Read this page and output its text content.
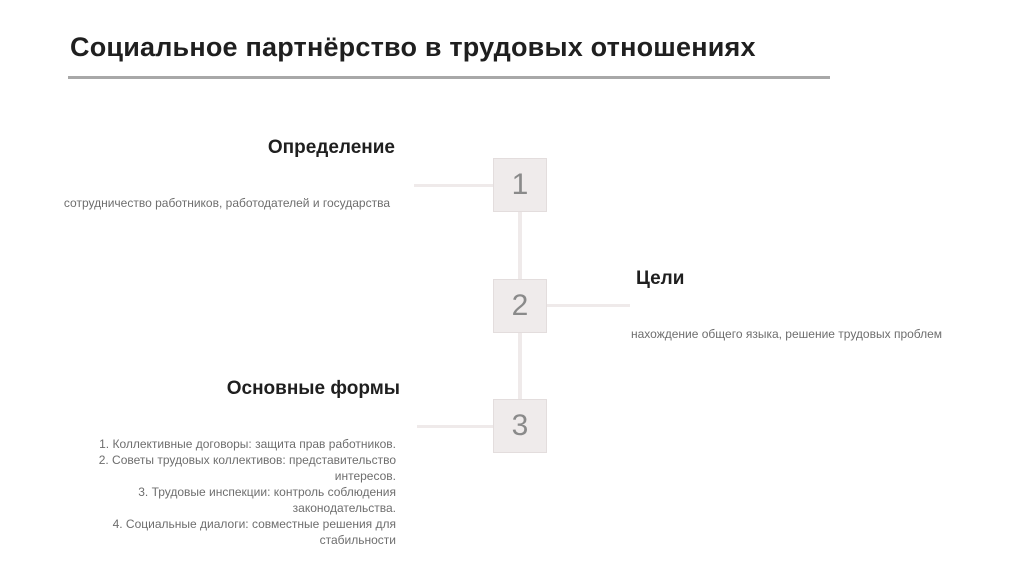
Социальное партнёрство в трудовых отношениях
1
Определение
сотрудничество работников, работодателей и государства
2
Цели
нахождение общего языка, решение трудовых проблем
3
Основные формы
1. Коллективные договоры: защита прав работников.
2. Советы трудовых коллективов: представительство интересов.
3. Трудовые инспекции: контроль соблюдения законодательства.
4. Социальные диалоги: совместные решения для стабильности
